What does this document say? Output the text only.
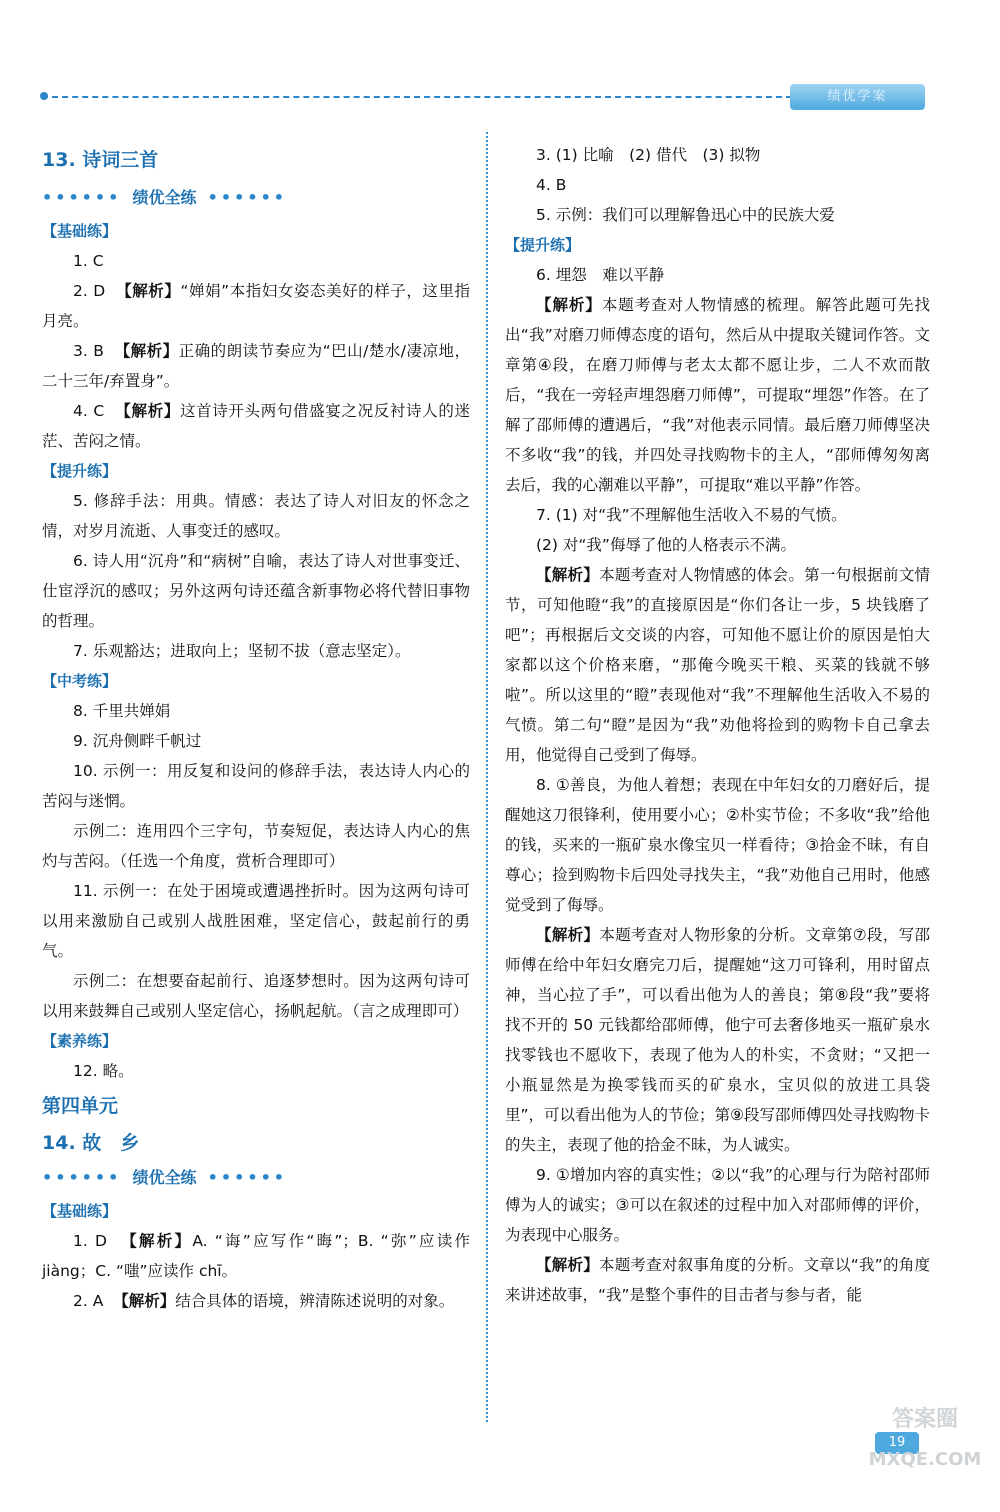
绩优学案

13. 诗词三首

•••••• 绩优全练 ••••••

【基础练】

1. C

2. D 【解析】“婵娟”本指妇女姿态美好的样子，这里指月亮。

3. B 【解析】正确的朗读节奏应为“巴山/楚水/凄凉地，二十三年/弃置身”。

4. C 【解析】这首诗开头两句借盛宴之况反衬诗人的迷茫、苦闷之情。

【提升练】

5. 修辞手法：用典。情感：表达了诗人对旧友的怀念之情，对岁月流逝、人事变迁的感叹。

6. 诗人用“沉舟”和“病树”自喻，表达了诗人对世事变迁、仕宦浮沉的感叹；另外这两句诗还蕴含新事物必将代替旧事物的哲理。

7. 乐观豁达；进取向上；坚韧不拔（意志坚定）。

【中考练】

8. 千里共婵娟

9. 沉舟侧畔千帆过

10. 示例一：用反复和设问的修辞手法，表达诗人内心的苦闷与迷惘。

示例二：连用四个三字句，节奏短促，表达诗人内心的焦灼与苦闷。（任选一个角度，赏析合理即可）

11. 示例一：在处于困境或遭遇挫折时。因为这两句诗可以用来激励自己或别人战胜困难，坚定信心，鼓起前行的勇气。

示例二：在想要奋起前行、追逐梦想时。因为这两句诗可以用来鼓舞自己或别人坚定信心，扬帆起航。（言之成理即可）

【素养练】

12. 略。

第四单元

14. 故　乡

•••••• 绩优全练 ••••••

【基础练】

1. D 【解析】A. “诲”应写作“晦”；B. “弥”应读作 jiàng；C. “嗤”应读作 chī。

2. A 【解析】结合具体的语境，辨清陈述说明的对象。

3. (1) 比喻　(2) 借代　(3) 拟物

4. B

5. 示例：我们可以理解鲁迅心中的民族大爱

【提升练】

6. 埋怨　难以平静

【解析】本题考查对人物情感的梳理。解答此题可先找出“我”对磨刀师傅态度的语句，然后从中提取关键词作答。文章第④段，在磨刀师傅与老太太都不愿让步，二人不欢而散后，“我在一旁轻声埋怨磨刀师傅”，可提取“埋怨”作答。在了解了邵师傅的遭遇后，“我”对他表示同情。最后磨刀师傅坚决不多收“我”的钱，并四处寻找购物卡的主人，“邵师傅匆匆离去后，我的心潮难以平静”，可提取“难以平静”作答。

7. (1) 对“我”不理解他生活收入不易的气愤。

(2) 对“我”侮辱了他的人格表示不满。

【解析】本题考查对人物情感的体会。第一句根据前文情节，可知他瞪“我”的直接原因是“你们各让一步，5 块钱磨了吧”；再根据后文交谈的内容，可知他不愿让价的原因是怕大家都以这个价格来磨，“那俺今晚买干粮、买菜的钱就不够啦”。所以这里的“瞪”表现他对“我”不理解他生活收入不易的气愤。第二句“瞪”是因为“我”劝他将捡到的购物卡自己拿去用，他觉得自己受到了侮辱。

8. ①善良，为他人着想；表现在中年妇女的刀磨好后，提醒她这刀很锋利，使用要小心；②朴实节俭；不多收“我”给他的钱，买来的一瓶矿泉水像宝贝一样看待；③拾金不昧，有自尊心；捡到购物卡后四处寻找失主，“我”劝他自己用时，他感觉受到了侮辱。

【解析】本题考查对人物形象的分析。文章第⑦段，写邵师傅在给中年妇女磨完刀后，提醒她“这刀可锋利，用时留点神，当心拉了手”，可以看出他为人的善良；第⑧段“我”要将找不开的 50 元钱都给邵师傅，他宁可去奢侈地买一瓶矿泉水找零钱也不愿收下，表现了他为人的朴实，不贪财；“又把一小瓶显然是为换零钱而买的矿泉水，宝贝似的放进工具袋里”，可以看出他为人的节俭；第⑨段写邵师傅四处寻找购物卡的失主，表现了他的拾金不昧，为人诚实。

9. ①增加内容的真实性；②以“我”的心理与行为陪衬邵师傅为人的诚实；③可以在叙述的过程中加入对邵师傅的评价，为表现中心服务。

【解析】本题考查对叙事角度的分析。文章以“我”的角度来讲述故事，“我”是整个事件的目击者与参与者，能

19
答案圈
MXQE.COM
